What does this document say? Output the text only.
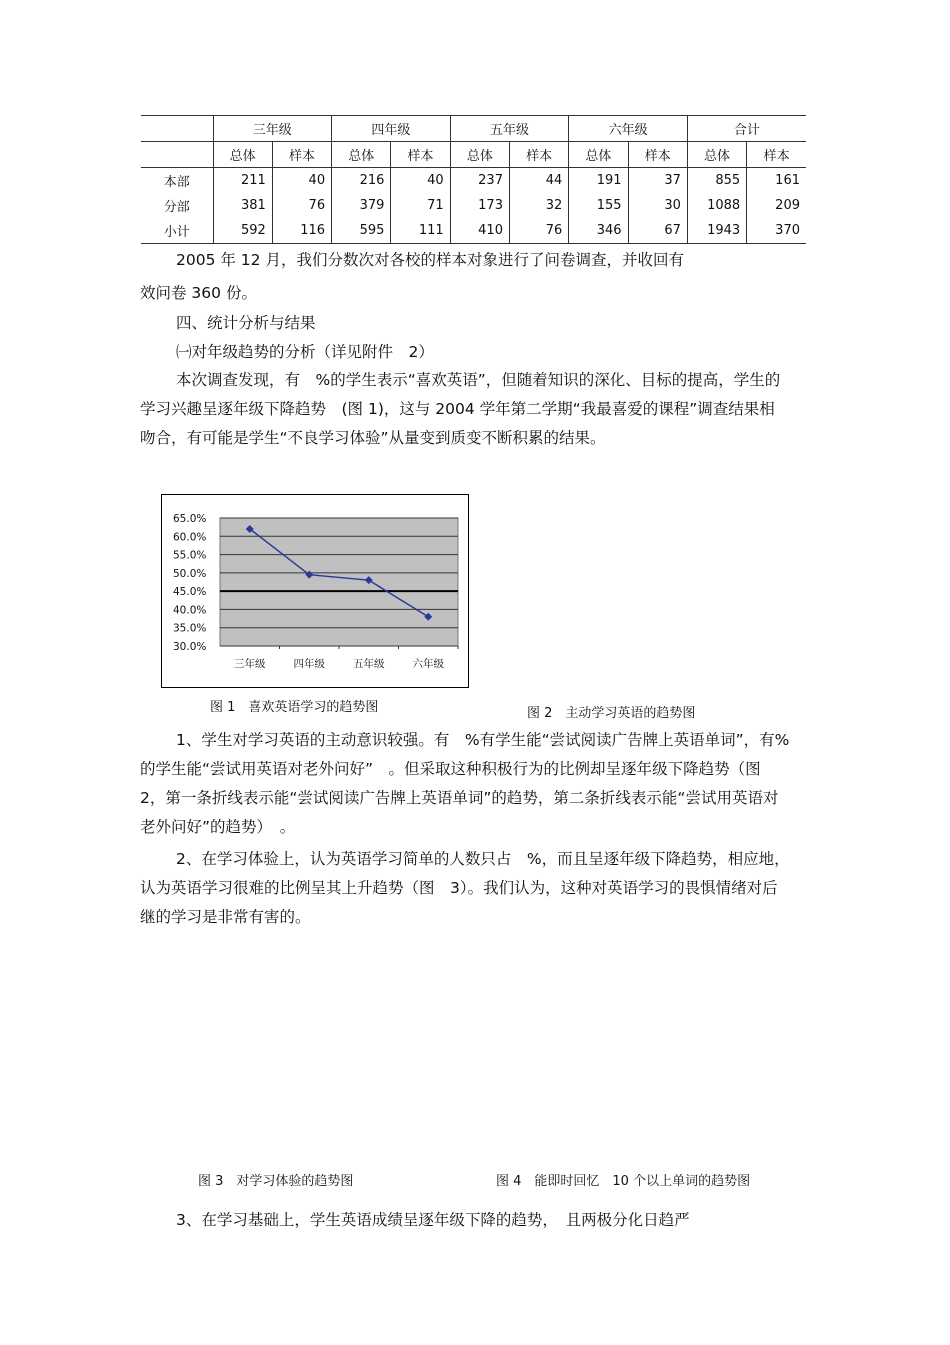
	三年级		四年级		五年级		六年级		合计	
	总体	样本	总体	样本	总体	样本	总体	样本	总体	样本
本部	211	40	216	40	237	44	191	37	855	161
分部	381	76	379	71	173	32	155	30	1088	209
小计	592	116	595	111	410	76	346	67	1943	370

2005 年 12 月，我们分数次对各校的样本对象进行了问卷调查，并收回有

效问卷 360 份。

四、统计分析与结果

㈠对年级趋势的分析（详见附件　2）

本次调查发现，有　%的学生表示“喜欢英语”，但随着知识的深化、目标的提高，学生的学习兴趣呈逐年级下降趋势　(图 1)，这与 2004 学年第二学期“我最喜爱的课程”调查结果相吻合，有可能是学生“不良学习体验”从量变到质变不断积累的结果。

65.0%
60.0%
55.0%
50.0%
45.0%
40.0%
35.0%
30.0%
三年级	四年级	五年级	六年级
图 1　喜欢英语学习的趋势图	图 2　主动学习英语的趋势图

1、学生对学习英语的主动意识较强。有　%有学生能“尝试阅读广告牌上英语单词”，有%的学生能“尝试用英语对老外问好”　。但采取这种积极行为的比例却呈逐年级下降趋势（图　2，第一条折线表示能“尝试阅读广告牌上英语单词”的趋势，第二条折线表示能“尝试用英语对老外问好”的趋势）　。

2、在学习体验上，认为英语学习简单的人数只占　%，而且呈逐年级下降趋势，相应地，认为英语学习很难的比例呈其上升趋势（图　3）。我们认为，这种对英语学习的畏惧情绪对后继的学习是非常有害的。

图 3　对学习体验的趋势图	图 4　能即时回忆　10 个以上单词的趋势图

3、在学习基础上，学生英语成绩呈逐年级下降的趋势，　且两极分化日趋严
